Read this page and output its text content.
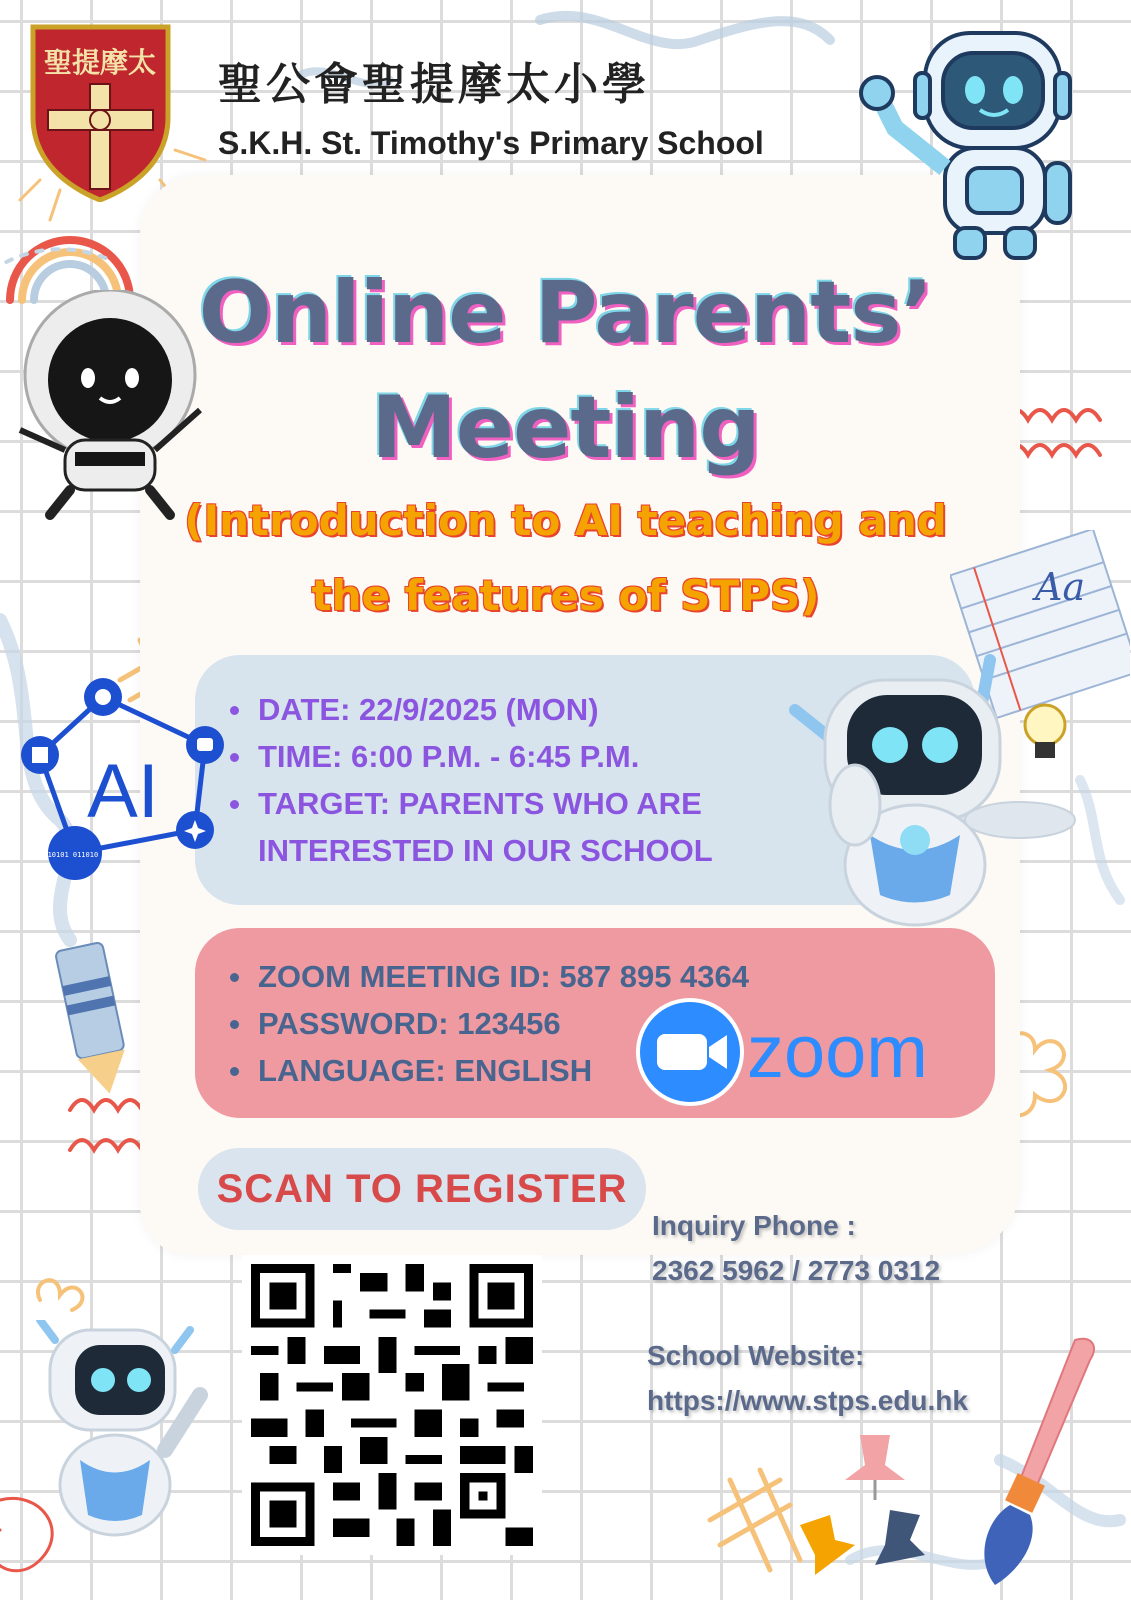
聖提摩太 聖公會聖提摩太小學
S.K.H. St. Timothy's Primary School
Aa
Online Parents’
Meeting
(Introduction to AI teaching and
the features of STPS)
DATE: 22/9/2025 (MON)
TIME: 6:00 P.M. - 6:45 P.M.
TARGET: PARENTS WHO ARE
INTERESTED IN OUR SCHOOL
AI
100 10101 011010 0001
ZOOM MEETING ID: 587 895 4364
PASSWORD: 123456
LANGUAGE: ENGLISH	zoom
SCAN TO REGISTER
Inquiry Phone :
2362 5962 / 2773 0312
School Website:
https://www.stps.edu.hk
